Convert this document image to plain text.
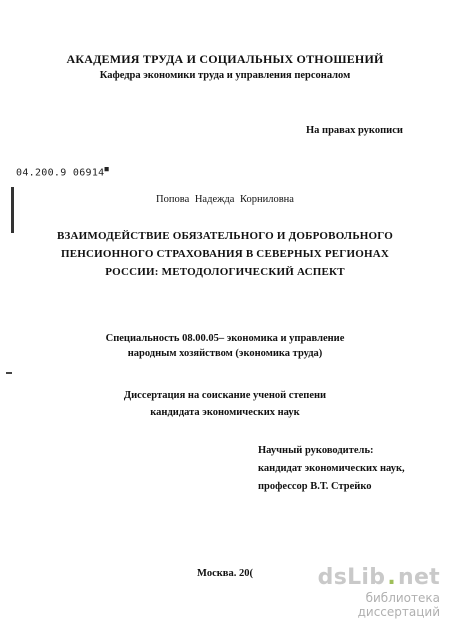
АКАДЕМИЯ ТРУДА И СОЦИАЛЬНЫХ ОТНОШЕНИЙ
Кафедра экономики труда и управления персоналом
На правах рукописи
04.200.9 06914■
Попова Надежда Корниловна
ВЗАИМОДЕЙСТВИЕ ОБЯЗАТЕЛЬНОГО И ДОБРОВОЛЬНОГО
ПЕНСИОННОГО СТРАХОВАНИЯ В СЕВЕРНЫХ РЕГИОНАХ
РОССИИ: МЕТОДОЛОГИЧЕСКИЙ АСПЕКТ
Специальность 08.00.05– экономика и управление
народным хозяйством (экономика труда)
Диссертация на соискание ученой степени
кандидата экономических наук
Научный руководитель:
кандидат экономических наук,
профессор В.Т. Стрейко
Москва. 20(	dsLib . net
библиотека диссертаций
